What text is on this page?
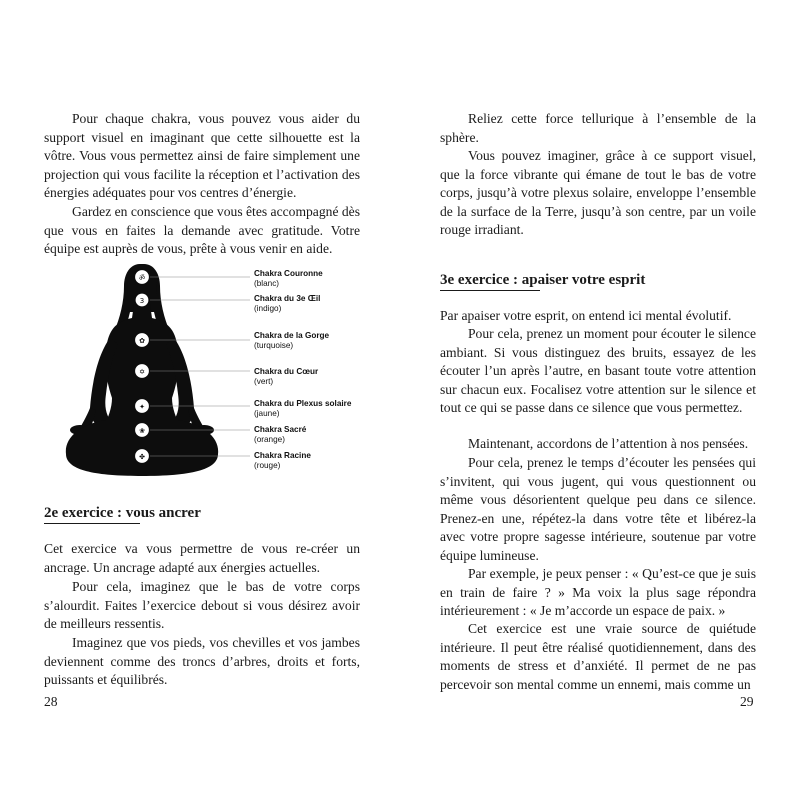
Pour chaque chakra, vous pouvez vous aider du support visuel en imaginant que cette silhouette est la vôtre. Vous vous permettez ainsi de faire simplement une projection qui vous facilite la réception et l’activation des énergies adéquates pour vos centres d’énergie.

Gardez en conscience que vous êtes accompagné dès que vous en faites la demande avec gratitude. Votre équipe est auprès de vous, prête à vous venir en aide.

ॐ
3
✿
✡
✦
❀
✤
Chakra Couronne
(blanc)
Chakra du 3e Œil
(indigo)
Chakra de la Gorge
(turquoise)
Chakra du Cœur
(vert)
Chakra du Plexus solaire
(jaune)
Chakra Sacré
(orange)
Chakra Racine
(rouge)
2e exercice : vous ancrer

Cet exercice va vous permettre de vous re-créer un ancrage. Un ancrage adapté aux énergies actuelles.

Pour cela, imaginez que le bas de votre corps s’alourdit. Faites l’exercice debout si vous désirez avoir de meilleurs ressentis.

Imaginez que vos pieds, vos chevilles et vos jambes deviennent comme des troncs d’arbres, droits et forts, puissants et équilibrés.

28

Reliez cette force tellurique à l’ensemble de la sphère.

Vous pouvez imaginer, grâce à ce support visuel, que la force vibrante qui émane de tout le bas de votre corps, jusqu’à votre plexus solaire, enveloppe l’ensemble de la surface de la Terre, jusqu’à son centre, par un voile rouge irradiant.

3e exercice : apaiser votre esprit

Par apaiser votre esprit, on entend ici mental évolutif.

Pour cela, prenez un moment pour écouter le silence ambiant. Si vous distinguez des bruits, essayez de les écouter l’un après l’autre, en basant toute votre attention sur chacun eux. Focalisez votre attention sur le silence et tout ce qui se passe dans ce silence que vous permettez.

Maintenant, accordons de l’attention à nos pensées.

Pour cela, prenez le temps d’écouter les pensées qui s’invitent, qui vous jugent, qui vous questionnent ou même vous désorientent quelque peu dans ce silence. Prenez-en une, répétez-la dans votre tête et libérez-la avec votre propre sagesse intérieure, soutenue par votre équipe lumineuse.

Par exemple, je peux penser : « Qu’est-ce que je suis en train de faire ? » Ma voix la plus sage répondra intérieurement : « Je m’accorde un espace de paix. »

Cet exercice est une vraie source de quiétude intérieure. Il peut être réalisé quotidiennement, dans des moments de stress et d’anxiété. Il permet de ne pas percevoir son mental comme un ennemi, mais comme un

29
